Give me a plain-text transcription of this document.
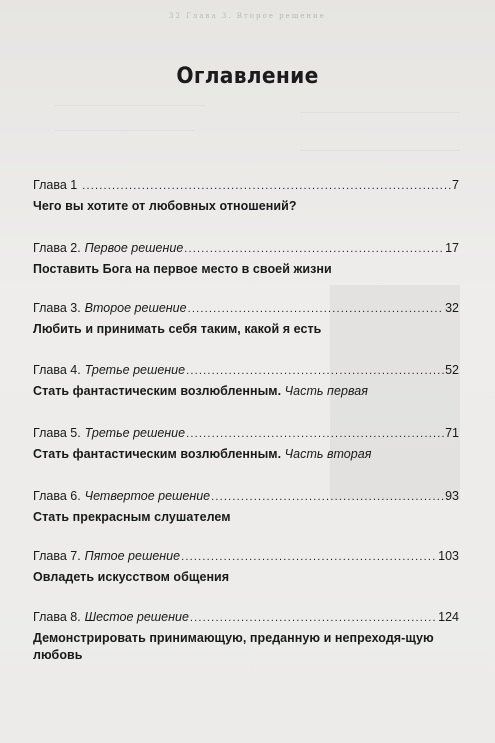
32 Глава 3. Второе решение
Оглавление
Глава 1 .....	7
Чего вы хотите от любовных отношений?
Глава 2. Первое решение .....	17
Поставить Бога на первое место в своей жизни
Глава 3. Второе решение .....	32
Любить и принимать себя таким, какой я есть
Глава 4. Третье решение .....	52
Стать фантастическим возлюбленным. Часть первая
Глава 5. Третье решение .....	71
Стать фантастическим возлюбленным. Часть вторая
Глава 6. Четвертое решение .....	93
Стать прекрасным слушателем
Глава 7. Пятое решение .....	103
Овладеть искусством общения
Глава 8. Шестое решение .....	124
Демонстрировать принимающую, преданную и непреходя-щую любовь
